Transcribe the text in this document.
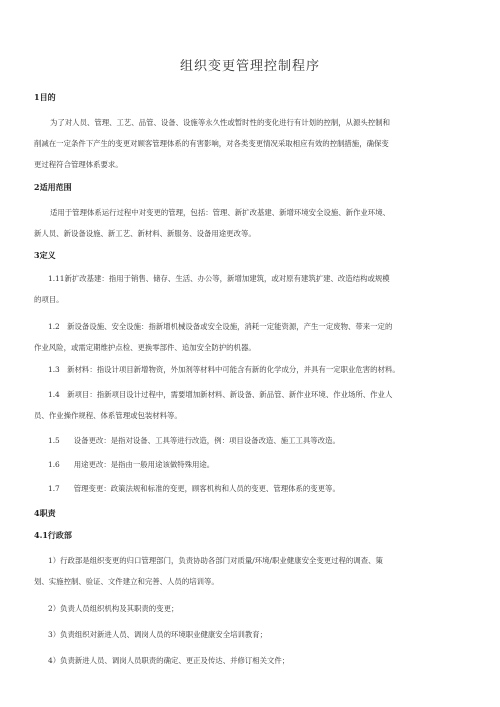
组织变更管理控制程序
1目的
为了对人员、管理、工艺、品管、设备、设施等永久性或暂时性的变化进行有计划的控制，从源头控制和
削减在一定条件下产生的变更对顾客管理体系的有害影响，对各类变更情况采取相应有效的控制措施，确保变
更过程符合管理体系要求。
2适用范围
适用于管理体系运行过程中对变更的管理，包括：管理、新扩改基建、新增环境安全设施、新作业环境、
新人员、新设备设施、新工艺、新材料、新服务、设备用途更改等。
3定义
1.11新扩改基建：指用于销售、储存、生活、办公等，新增加建筑，或对原有建筑扩建、改造结构或规模
的项目。
1.2　新设备设施、安全设施：指新增机械设备或安全设施，消耗一定能资源，产生一定废物、带来一定的
作业风险，或需定期维护点检、更换零部件、追加安全防护的机器。
1.3　新材料：指设计项目新增物资，外加剂等材料中可能含有新的化学成分，并具有一定职业危害的材料。
1.4　新项目：指新项目设计过程中，需要增加新材料、新设备、新品管、新作业环境、作业场所、作业人
员、作业操作规程、体系管理或包装材料等。
1.5 设备更改：是指对设备、工具等进行改造，例：项目设备改造、施工工具等改造。
1.6 用途更改：是指由一般用途该做特殊用途。
1.7 管理变更：政策法规和标准的变更，顾客机构和人员的变更、管理体系的变更等。
4职责
4.1行政部
1）行政部是组织变更的归口管理部门，负责协助各部门对质量/环境/职业健康安全变更过程的调查、策
划、实施控制、验证、文件建立和完善、人员的培训等。
2）负责人员组织机构及其职责的变更；
3）负责组织对新进人员、调岗人员的环境职业健康安全培训教育；
4）负责新进人员、调岗人员职责的确定、更正及传达、并修订相关文件；
